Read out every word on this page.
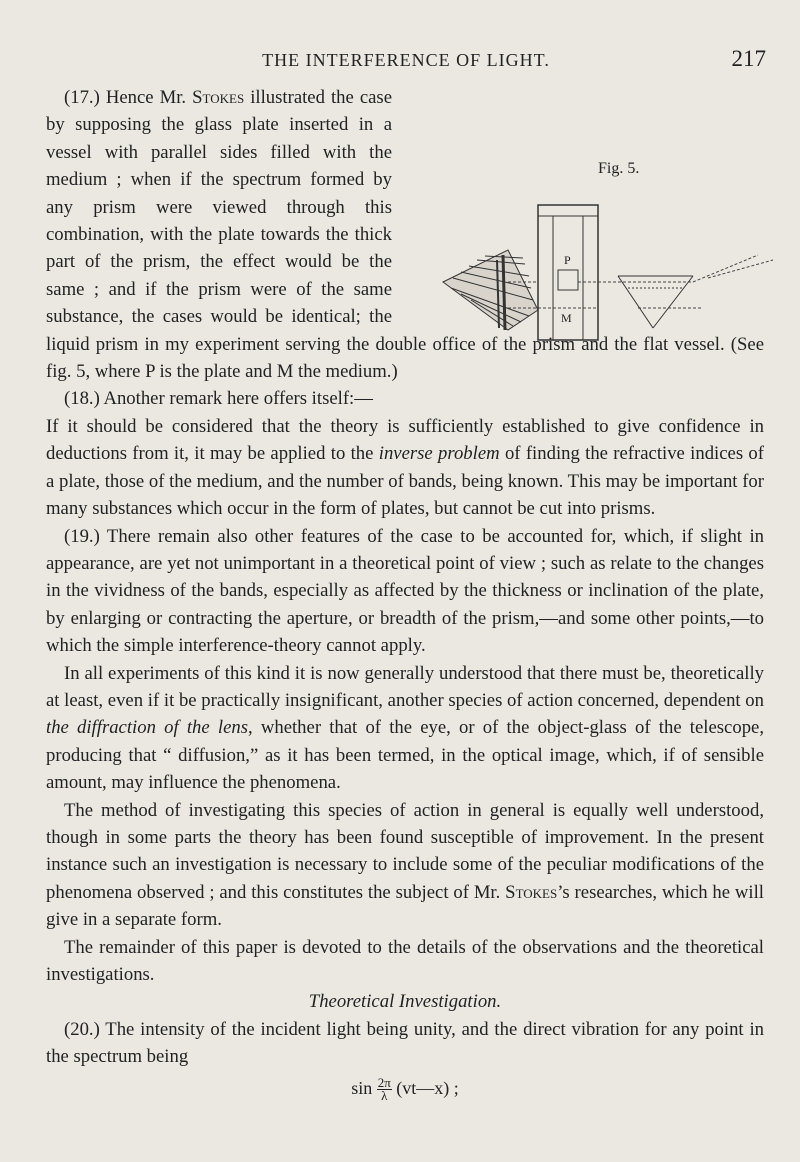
THE INTERFERENCE OF LIGHT.	217
Fig. 5.
P
M

(17.) Hence Mr. Stokes illustrated the case by supposing the glass plate inserted in a vessel with parallel sides filled with the medium ; when if the spectrum formed by any prism were viewed through this combination, with the plate towards the thick part of the prism, the effect would be the same ; and if the prism were of the same substance, the cases would be identical; the liquid prism in my experiment serving the double office of the prism and the flat vessel. (See fig. 5, where P is the plate and M the medium.)

(18.) Another remark here offers itself:—

If it should be considered that the theory is sufficiently established to give confidence in deductions from it, it may be applied to the inverse problem of finding the refractive indices of a plate, those of the medium, and the number of bands, being known. This may be important for many substances which occur in the form of plates, but cannot be cut into prisms.

(19.) There remain also other features of the case to be accounted for, which, if slight in appearance, are yet not unimportant in a theoretical point of view ; such as relate to the changes in the vividness of the bands, especially as affected by the thickness or inclination of the plate, by enlarging or contracting the aperture, or breadth of the prism,—and some other points,—to which the simple interference-theory cannot apply.

In all experiments of this kind it is now generally understood that there must be, theoretically at least, even if it be practically insignificant, another species of action concerned, dependent on the diffraction of the lens, whether that of the eye, or of the object-glass of the telescope, producing that “ diffusion,” as it has been termed, in the optical image, which, if of sensible amount, may influence the phenomena.

The method of investigating this species of action in general is equally well understood, though in some parts the theory has been found susceptible of improvement. In the present instance such an investigation is necessary to include some of the peculiar modifications of the phenomena observed ; and this constitutes the subject of Mr. Stokes’s researches, which he will give in a separate form.

The remainder of this paper is devoted to the details of the observations and the theoretical investigations.

Theoretical Investigation.

(20.) The intensity of the incident light being unity, and the direct vibration for any point in the spectrum being

$\sin \frac{2\pi}{\lambda}$ (vt—x) ;
